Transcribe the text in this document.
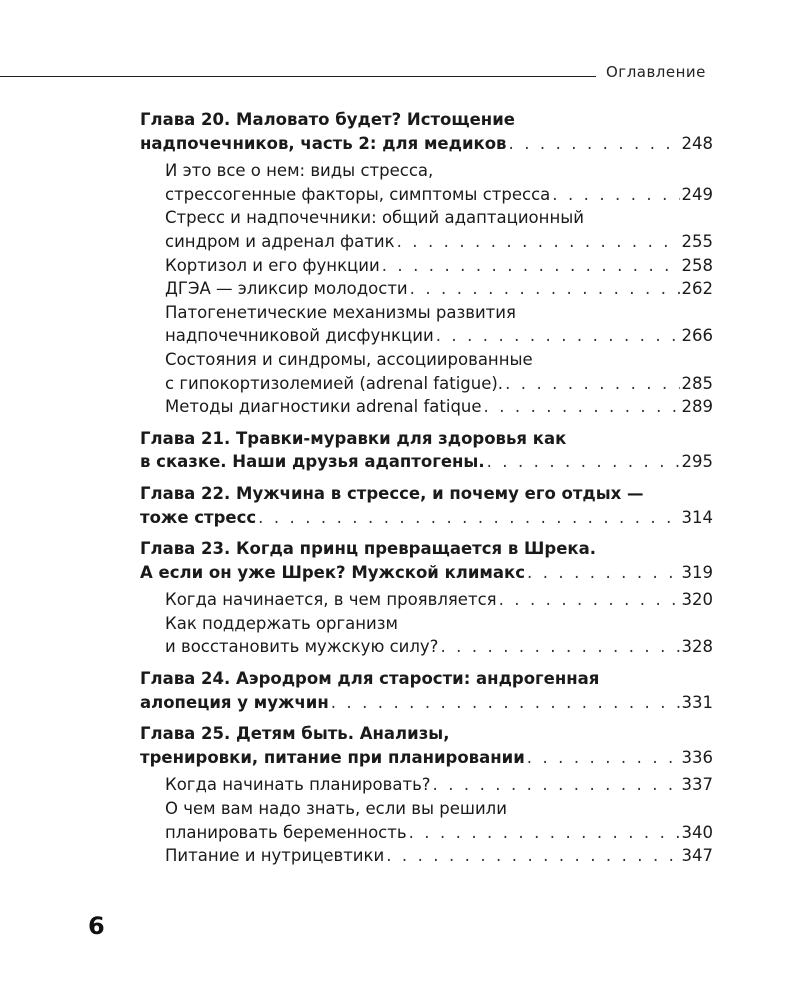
Оглавление
Глава 20. Маловато будет? Истощение
надпочечников, часть 2: для медиков . . .	248
И это все о нем: виды стресса,
стрессогенные факторы, симптомы стресса . . .	249
Стресс и надпочечники: общий адаптационный
синдром и адренал фатик . . .	255
Кортизол и его функции . . .	258
ДГЭА — эликсир молодости . . .	262
Патогенетические механизмы развития
надпочечниковой дисфункции . . .	266
Состояния и синдромы, ассоциированные
с гипокортизолемией (adrenal fatigue). . . .	285
Методы диагностики adrenal fatique . . .	289
Глава 21. Травки-муравки для здоровья как
в сказке. Наши друзья адаптогены. . . .	295
Глава 22. Мужчина в стрессе, и почему его отдых —
тоже стресс . . .	314
Глава 23. Когда принц превращается в Шрека.
А если он уже Шрек? Мужской климакс . . .	319
Когда начинается, в чем проявляется . . .	320
Как поддержать организм
и восстановить мужскую силу? . . .	328
Глава 24. Аэродром для старости: андрогенная
алопеция у мужчин . . .	331
Глава 25. Детям быть. Анализы,
тренировки, питание при планировании . . .	336
Когда начинать планировать? . . .	337
О чем вам надо знать, если вы решили
планировать беременность . . .	340
Питание и нутрицевтики . . .	347
6
